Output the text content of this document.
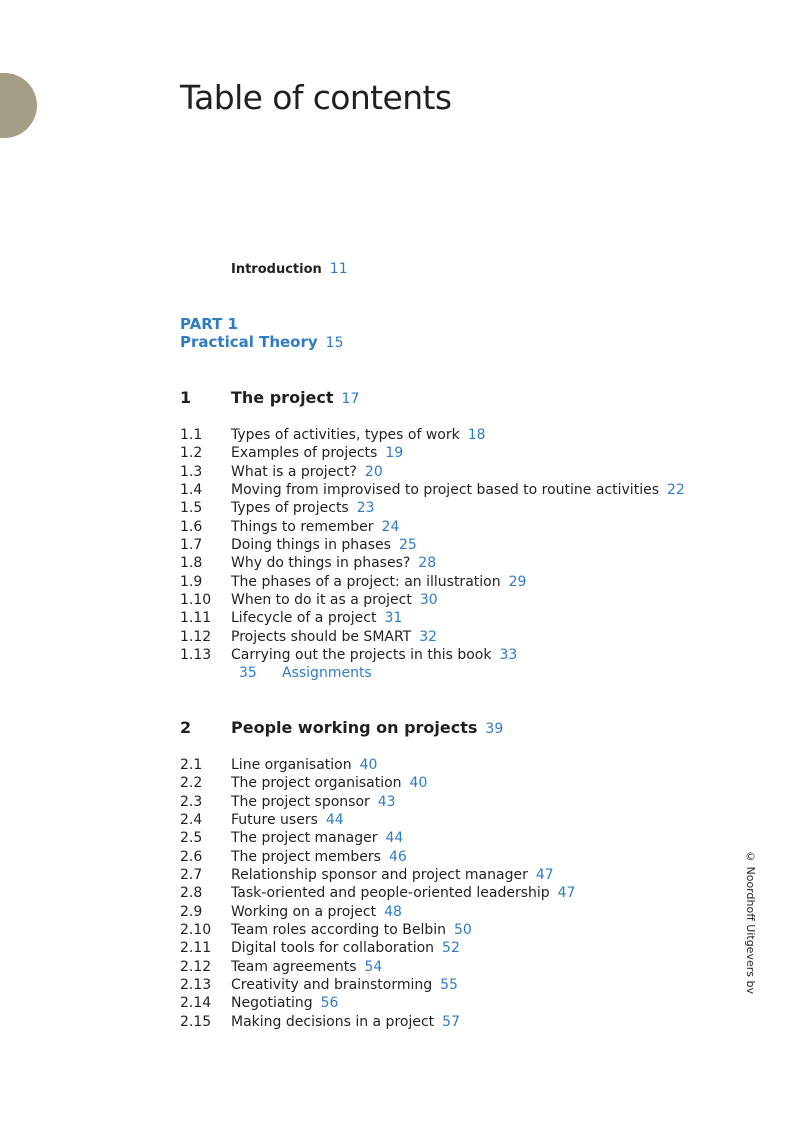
Table of contents
Introduction 11
PART 1
Practical Theory 15
1 The project 17
1.1 Types of activities, types of work 18
1.2 Examples of projects 19
1.3 What is a project? 20
1.4 Moving from improvised to project based to routine activities 22
1.5 Types of projects 23
1.6 Things to remember 24
1.7 Doing things in phases 25
1.8 Why do things in phases? 28
1.9 The phases of a project: an illustration 29
1.10 When to do it as a project 30
1.11 Lifecycle of a project 31
1.12 Projects should be SMART 32
1.13 Carrying out the projects in this book 33
Assignments
35
2 People working on projects 39
2.1 Line organisation 40
2.2 The project organisation 40
2.3 The project sponsor 43
2.4 Future users 44
2.5 The project manager 44
2.6 The project members 46
2.7 Relationship sponsor and project manager 47
2.8 Task-oriented and people-oriented leadership 47
2.9 Working on a project 48
2.10 Team roles according to Belbin 50
2.11 Digital tools for collaboration 52
2.12 Team agreements 54
2.13 Creativity and brainstorming 55
2.14 Negotiating 56
2.15 Making decisions in a project 57
© Noordhoff Uitgevers bv
